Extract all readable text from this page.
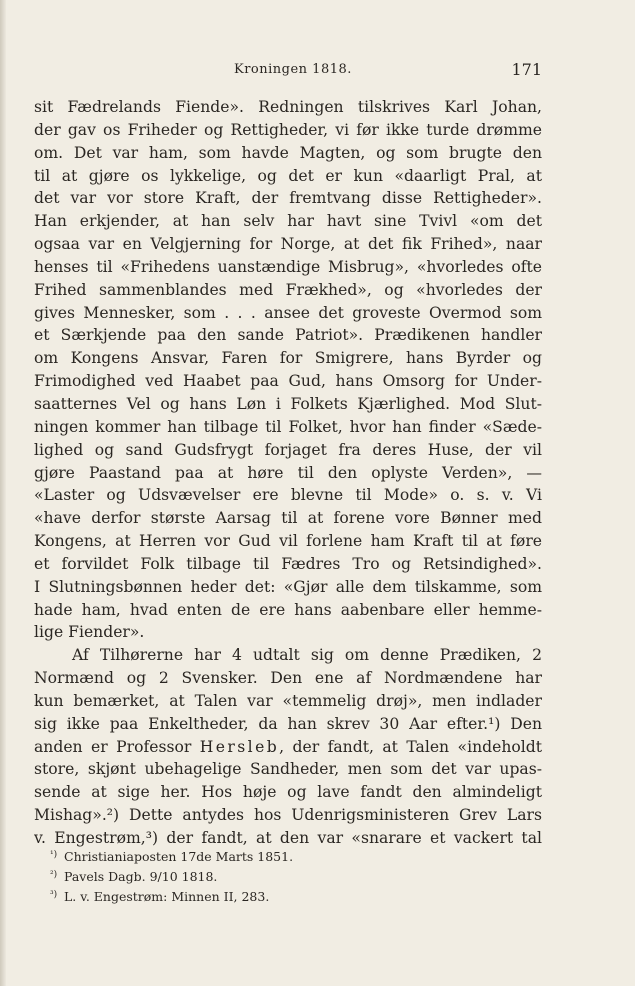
Kroningen 1818.	171
sit Fædrelands Fiende». Redningen tilskrives Karl Johan,
der gav os Friheder og Rettigheder, vi før ikke turde drømme
om. Det var ham, som havde Magten, og som brugte den
til at gjøre os lykkelige, og det er kun «daarligt Pral, at
det var vor store Kraft, der fremtvang disse Rettigheder».
Han erkjender, at han selv har havt sine Tvivl «om det
ogsaa var en Velgjerning for Norge, at det fik Frihed», naar
henses til «Frihedens uanstændige Misbrug», «hvorledes ofte
Frihed sammenblandes med Frækhed», og «hvorledes der
gives Mennesker, som . . . ansee det groveste Overmod som
et Særkjende paa den sande Patriot». Prædikenen handler
om Kongens Ansvar, Faren for Smigrere, hans Byrder og
Frimodighed ved Haabet paa Gud, hans Omsorg for Under-
saatternes Vel og hans Løn i Folkets Kjærlighed. Mod Slut-
ningen kommer han tilbage til Folket, hvor han finder «Sæde-
lighed og sand Gudsfrygt forjaget fra deres Huse, der vil
gjøre Paastand paa at høre til den oplyste Verden», —
«Laster og Udsvævelser ere blevne til Mode» o. s. v. Vi
«have derfor største Aarsag til at forene vore Bønner med
Kongens, at Herren vor Gud vil forlene ham Kraft til at føre
et forvildet Folk tilbage til Fædres Tro og Retsindighed».
I Slutningsbønnen heder det: «Gjør alle dem tilskamme, som
hade ham, hvad enten de ere hans aabenbare eller hemme-
lige Fiender».
Af Tilhørerne har 4 udtalt sig om denne Prædiken, 2
Normænd og 2 Svensker. Den ene af Nordmændene har
kun bemærket, at Talen var «temmelig drøj», men indlader
sig ikke paa Enkeltheder, da han skrev 30 Aar efter.¹) Den
anden er Professor Hersleb, der fandt, at Talen «indeholdt
store, skjønt ubehagelige Sandheder, men som det var upas-
sende at sige her. Hos høje og lave fandt den almindeligt
Mishag».²) Dette antydes hos Udenrigsministeren Grev Lars
v. Engestrøm,³) der fandt, at den var «snarare et vackert tal
¹) Christianiaposten 17de Marts 1851.
²) Pavels Dagb. 9/10 1818.
³) L. v. Engestrøm: Minnen II, 283.
